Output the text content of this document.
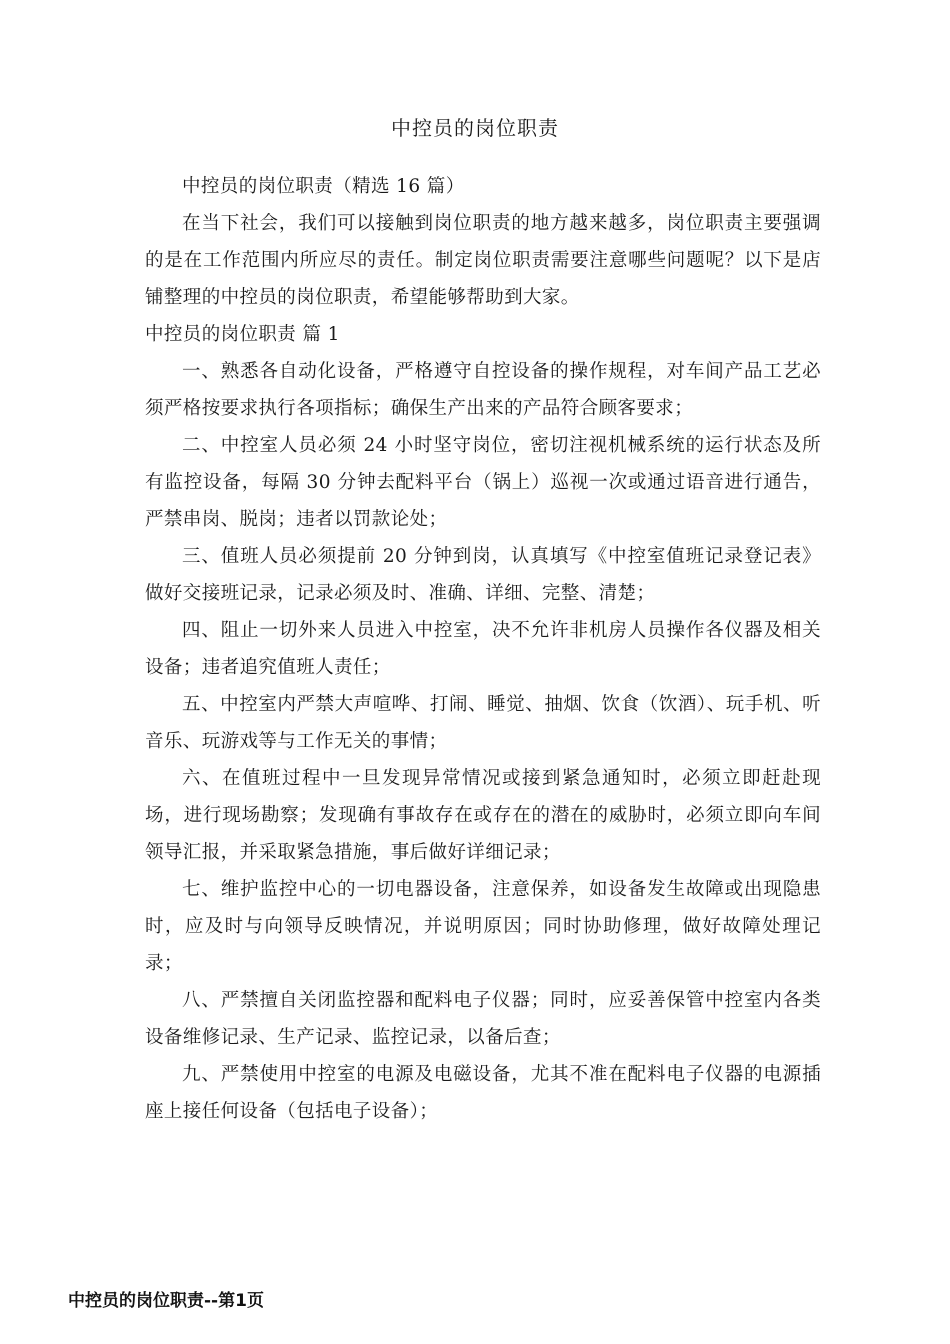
中控员的岗位职责

中控员的岗位职责（精选 16 篇）

在当下社会，我们可以接触到岗位职责的地方越来越多，岗位职责主要强调的是在工作范围内所应尽的责任。制定岗位职责需要注意哪些问题呢？以下是店铺整理的中控员的岗位职责，希望能够帮助到大家。

中控员的岗位职责 篇 1

一、熟悉各自动化设备，严格遵守自控设备的操作规程，对车间产品工艺必须严格按要求执行各项指标；确保生产出来的产品符合顾客要求；

二、中控室人员必须 24 小时坚守岗位，密切注视机械系统的运行状态及所有监控设备，每隔 30 分钟去配料平台（锅上）巡视一次或通过语音进行通告，严禁串岗、脱岗；违者以罚款论处；

三、值班人员必须提前 20 分钟到岗，认真填写《中控室值班记录登记表》做好交接班记录，记录必须及时、准确、详细、完整、清楚；

四、阻止一切外来人员进入中控室，决不允许非机房人员操作各仪器及相关设备；违者追究值班人责任；

五、中控室内严禁大声喧哗、打闹、睡觉、抽烟、饮食（饮酒）、玩手机、听音乐、玩游戏等与工作无关的事情；

六、在值班过程中一旦发现异常情况或接到紧急通知时，必须立即赶赴现场，进行现场勘察；发现确有事故存在或存在的潜在的威胁时，必须立即向车间领导汇报，并采取紧急措施，事后做好详细记录；

七、维护监控中心的一切电器设备，注意保养，如设备发生故障或出现隐患时，应及时与向领导反映情况，并说明原因；同时协助修理，做好故障处理记录；

八、严禁擅自关闭监控器和配料电子仪器；同时，应妥善保管中控室内各类设备维修记录、生产记录、监控记录，以备后查；

九、严禁使用中控室的电源及电磁设备，尤其不准在配料电子仪器的电源插座上接任何设备（包括电子设备）；

中控员的岗位职责--第1页
